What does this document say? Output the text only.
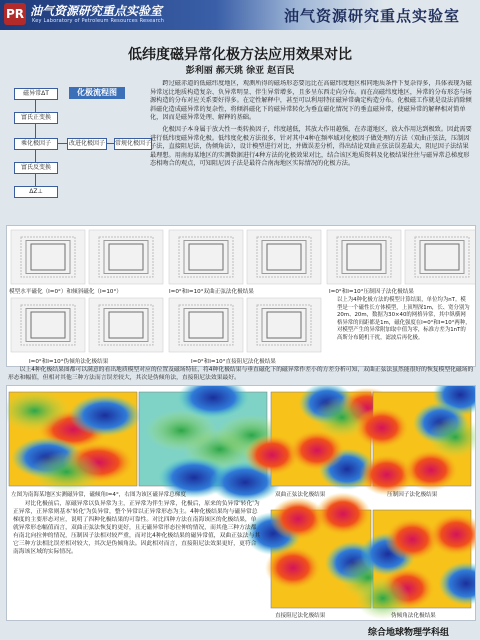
PR 油气资源研究重点实验室
Key Laboratory of Petroleum Resources Research	油气资源研究重点实验室
低纬度磁异常化极方法应用效果对比
彭利丽 郝天珧 徐亚 赵百民
磁异常ΔT
富氏正变换
乘化极因子	改进化极因子	常规化极因子
富氏反变换
ΔZ⊥
化极流程图

跨过磁赤道的低磁纬度地区，观测所得的磁场形态要远比在高磁纬度地区相同地质条件下复杂得多，具体表现为磁异常远比地质构造复杂、负异常明显、伴生异常增多，且多呈东西走向分布。而在高磁纬度地区，异常的分布形态与场源构造的分布对应关系要好得多。在定性解释中，甚至可以利用特征磁异常确定构造分布。化极磁工作就是设法消除倾斜磁化造成磁异常的复杂性，将倾斜磁化下的磁异常转化为垂直磁化情况下的垂直磁异常，使磁异常的解释相对简单化，因而是磁异常处理、解释的基础。

化极因子本身属于放大性一类转换因子，纬度越低，其放大作用越强，在赤道地区，放大作用达到极致。因此需要进行低纬度磁异常化极。低纬度化极方法很多，针对其中4种在频率域对化极因子做处理的方法（双曲正弦法，压制因子法，直接阻尼法，伪倾角法），设计模型进行对比，并做误差分析，得出结论双曲正弦法误差最大，阻尼因子法结果最理想。用南海某地区的实测数据进行4种方法的化极效果对比，结合该区地质资料及化极结果往往与磁异常总梯度形态相吻合的观点，可知阻尼因子法是最符合南海地区实际情况的化极方法。

模型水平磁化（I=0°）和倾斜磁化（I=10°）	I=0°和I=10°双曲正弦法化极结果	I=0°和I=10°压制因子法化极结果
I=0°和I=10°伪倾角法化极结果	I=0°和I=10°直接阻尼法化极结果
以上为4种化极方法的模型计算结果，单位均为nT。模型是一个磁性长方体模型，上顶埋深1m，长、宽分别为20m、20m，数据为30×40的网格异常，其中纵横网格异常的间距都是1m，磁化强度在I=0°和I=10°两种，对模型产生的异常附加取中值为零，标准方差为1nT的高斯分布随机干扰，滤波后再化极。
以上4种化极结果图都可以满意的看出地质模型对应的位置及磁场特征，将4种化极结果与垂直磁化下的磁异常作差小的方差分析可知，双曲正弦法虽然能很好的恢复模型化磁场的形态和幅值，但相对其他三种方法而言误差较大，其次是伪倾角法，直接阻尼法效果最好。
左图为南海某地区实测磁异常，磁倾角I=4°，右图为该区磁异常总梯度	双曲正弦法化极结果	压制因子法化极结果
直接阻尼法化极结果	伪倾角法化极结果
对比化极前后，原磁异常以负异常为主，正异常为伴生异常，化极后，原来的负异常'转化'为正异常，正异常则基本'转化'为负异常，整个异常以正异常形态为主。4种化极结果均与磁异常总梯度的主要形态对应，说明了四种化极结果的可靠性。对比四种方法在南海该区的化极结果，单就异常形态幅值而言，双曲正弦法恢复的更好，且无磁异常形态拉伸的情况，而其他三种方法都有南北向拉伸的情况，压制因子法相对较严重，而对比4种化极结果的磁异常值，双曲正弦法与其它三种方法相比误差相对较大，其次是伪倾角法。因此相对而言，直接阻尼法效果更好，更符合南海该区域的实际情况。
综合地球物理学科组
